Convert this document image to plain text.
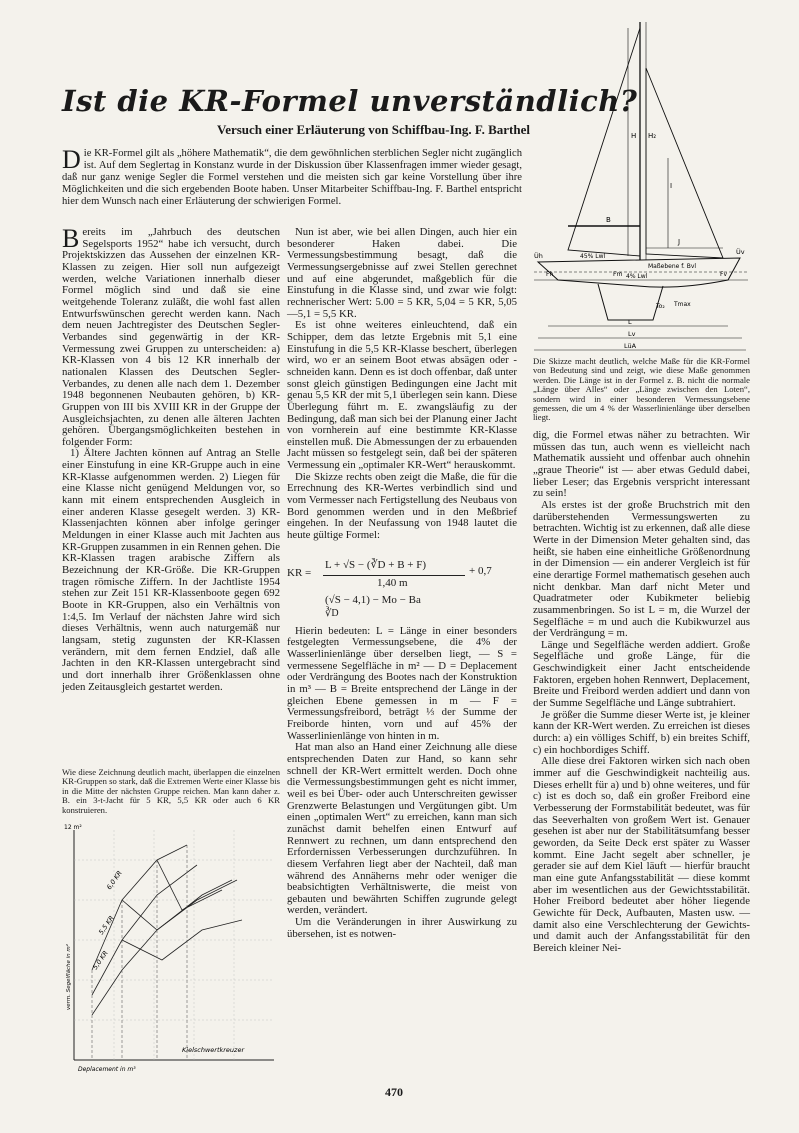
Ist die KR-Formel unverständlich?
Versuch einer Erläuterung von Schiffbau-Ing. F. Barthel
Die KR-Formel gilt als „höhere Mathematik“, die dem gewöhnlichen sterblichen Segler nicht zugänglich ist. Auf dem Seglertag in Konstanz wurde in der Diskussion über Klassenfragen immer wieder gesagt, daß nur ganz wenige Segler die Formel verstehen und die meisten sich gar keine Vorstellung über ihre Möglichkeiten und die sich ergebenden Boote haben. Unser Mitarbeiter Schiffbau-Ing. F. Barthel entspricht hier dem Wunsch nach einer Erläuterung der schwierigen Formel.

Bereits im „Jahrbuch des deutschen Segelsports 1952“ habe ich versucht, durch Projektskizzen das Aussehen der einzelnen KR-Klassen zu zeigen. Hier soll nun aufgezeigt werden, welche Variationen innerhalb dieser Formel möglich sind und daß sie eine weitgehende Toleranz zuläßt, die wohl fast allen Entwurfswünschen gerecht werden kann. Nach dem neuen Jachtregister des Deutschen Segler-Verbandes sind gegenwärtig in der KR-Vermessung zwei Gruppen zu unterscheiden: a) KR-Klassen von 4 bis 12 KR innerhalb der nationalen Klassen des Deutschen Segler-Verbandes, zu denen alle nach dem 1. Dezember 1948 begonnenen Neubauten gehören, b) KR-Gruppen von III bis XVIII KR in der Gruppe der Ausgleichsjachten, zu denen alle älteren Jachten gehören. Übergangsmöglichkeiten bestehen in folgender Form:

1) Ältere Jachten können auf Antrag an Stelle einer Einstufung in eine KR-Gruppe auch in eine KR-Klasse aufgenommen werden. 2) Liegen für eine Klasse nicht genügend Meldungen vor, so kann mit einem entsprechenden Ausgleich in einer anderen Klasse gesegelt werden. 3) KR-Klassenjachten können aber infolge geringer Meldungen in einer Klasse auch mit Jachten aus KR-Gruppen zusammen in ein Rennen gehen. Die KR-Klassen tragen arabische Ziffern als Bezeichnung der KR-Größe. Die KR-Gruppen tragen römische Ziffern. In der Jachtliste 1954 stehen zur Zeit 151 KR-Klassenboote gegen 692 Boote in KR-Gruppen, also ein Verhältnis von 1:4,5. Im Verlauf der nächsten Jahre wird sich dieses Verhältnis, wenn auch naturgemäß nur langsam, stetig zugunsten der KR-Klassen verändern, mit dem fernen Endziel, daß alle Jachten in den KR-Klassen untergebracht sind und dort innerhalb ihrer Größenklassen ohne jeden Zeitausgleich gestartet werden.

Wie diese Zeichnung deutlich macht, überlappen die einzelnen KR-Gruppen so stark, daß die Extremen Werte einer Klasse bis in die Mitte der nächsten Gruppe reichen. Man kann daher z. B. ein 3-t-Jacht für 5 KR, 5,5 KR oder auch 6 KR konstruieren.
12 m²
6,0 KR
5,5 KR
5,0 KR
verm. Segelfläche in m²
Kielschwertkreuzer
Deplacement in m³

Nun ist aber, wie bei allen Dingen, auch hier ein besonderer Haken dabei. Die Vermessungsbestimmung besagt, daß die Vermessungsergebnisse auf zwei Stellen gerechnet und auf eine abgerundet, maßgeblich für die Einstufung in die Klasse sind, und zwar wie folgt: rechnerischer Wert: 5.00 = 5 KR, 5,04 = 5 KR, 5,05—5,1 = 5,5 KR.

Es ist ohne weiteres einleuchtend, daß ein Schipper, dem das letzte Ergebnis mit 5,1 eine Einstufung in die 5,5 KR-Klasse beschert, überlegen wird, wo er an seinem Boot etwas absägen oder -schneiden kann. Denn es ist doch offenbar, daß unter sonst gleich günstigen Bedingungen eine Jacht mit genau 5,5 KR der mit 5,1 überlegen sein kann. Diese Überlegung führt m. E. zwangsläufig zu der Bedingung, daß man sich bei der Planung einer Jacht von vornherein auf eine bestimmte KR-Klasse einstellen muß. Die Abmessungen der zu erbauenden Jacht müssen so festgelegt sein, daß bei der späteren Vermessung ein „optimaler KR-Wert“ herauskommt.

Die Skizze rechts oben zeigt die Maße, die für die Errechnung des KR-Wertes verbindlich sind und vom Vermesser nach Fertigstellung des Neubaus von Bord genommen werden und in den Meßbrief eingehen. In der Neufassung von 1948 lautet die heute gültige Formel:

KR =
L + √S − (∛D + B + F)	+ 0,7
1,40 m
(√S − 4,1) − Mo − Ba
∛D

Hierin bedeuten: L = Länge in einer besonders festgelegten Vermessungsebene, die 4% der Wasserlinienlänge über derselben liegt, — S = vermessene Segelfläche in m² — D = Deplacement oder Verdrängung des Bootes nach der Konstruktion in m³ — B = Breite entsprechend der Länge in der gleichen Ebene gemessen in m — F = Vermessungsfreibord, beträgt ⅓ der Summe der Freiborde hinten, vorn und auf 45% der Wasserlinienlänge von hinten in m.

Hat man also an Hand einer Zeichnung alle diese entsprechenden Daten zur Hand, so kann sehr schnell der KR-Wert ermittelt werden. Doch ohne die Vermessungsbestimmungen geht es nicht immer, weil es bei Über- oder auch Unterschreiten gewisser Grenzwerte Belastungen und Vergütungen gibt. Um einen „optimalen Wert“ zu erreichen, kann man sich zunächst damit behelfen einen Entwurf auf Rennwert zu rechnen, um dann entsprechend den Erfordernissen Verbesserungen durchzuführen. In diesem Verfahren liegt aber der Nachteil, daß man während des Annäherns mehr oder weniger die beabsichtigten Verhältniswerte, die meist von gebauten und bewährten Schiffen zugrunde gelegt werden, verändert.

Um die Veränderungen in ihrer Auswirkung zu übersehen, ist es notwen-

H H₂
I
B
J
Üh	Üv
45% Lwl
Maßebene f. Bvl
Fh	Fm	Fv
4% Lwl
To₂ Tmax
L
Lv
LüA
Die Skizze macht deutlich, welche Maße für die KR-Formel von Bedeutung sind und zeigt, wie diese Maße genommen werden. Die Länge ist in der Formel z. B. nicht die normale „Länge über Alles“ oder „Länge zwischen den Loten“, sondern wird in einer besonderen Vermessungsebene gemessen, die um 4 % der Wasserlinienlänge über derselben liegt.

dig, die Formel etwas näher zu betrachten. Wir müssen das tun, auch wenn es vielleicht nach Mathematik aussieht und offenbar auch ohnehin „graue Theorie“ ist — aber etwas Geduld dabei, lieber Leser; das Ergebnis verspricht interessant zu sein!

Als erstes ist der große Bruchstrich mit den darüberstehenden Vermessungswerten zu betrachten. Wichtig ist zu erkennen, daß alle diese Werte in der Dimension Meter gehalten sind, das heißt, sie haben eine einheitliche Größenordnung in der Dimension — ein anderer Vergleich ist für eine derartige Formel mathematisch gesehen auch nicht denkbar. Man darf nicht Meter und Quadratmeter oder Kubikmeter beliebig zusammenbringen. So ist L = m, die Wurzel der Segelfläche = m und auch die Kubikwurzel aus der Verdrängung = m.

Länge und Segelfläche werden addiert. Große Segelfläche und große Länge, für die Geschwindigkeit einer Jacht entscheidende Faktoren, ergeben hohen Rennwert, Deplacement, Breite und Freibord werden addiert und dann von der Summe Segelfläche und Länge subtrahiert.

Je größer die Summe dieser Werte ist, je kleiner kann der KR-Wert werden. Zu erreichen ist dieses durch: a) ein völliges Schiff, b) ein breites Schiff, c) ein hochbordiges Schiff.

Alle diese drei Faktoren wirken sich nach oben immer auf die Geschwindigkeit nachteilig aus. Dieses erhellt für a) und b) ohne weiteres, und für c) ist es doch so, daß ein großer Freibord eine Verbesserung der Formstabilität bedeutet, was für das Seeverhalten von großem Wert ist. Genauer gesehen ist aber nur der Stabilitätsumfang besser geworden, da Seite Deck erst später zu Wasser kommt. Eine Jacht segelt aber schneller, je gerader sie auf dem Kiel läuft — hierfür braucht man eine gute Anfangsstabilität — diese kommt aber im wesentlichen aus der Gewichtsstabilität. Hoher Freibord bedeutet aber höher liegende Gewichte für Deck, Aufbauten, Masten usw. — damit also eine Verschlechterung der Gewichts- und damit auch der Anfangsstabilität für den Bereich kleiner Nei-

470
